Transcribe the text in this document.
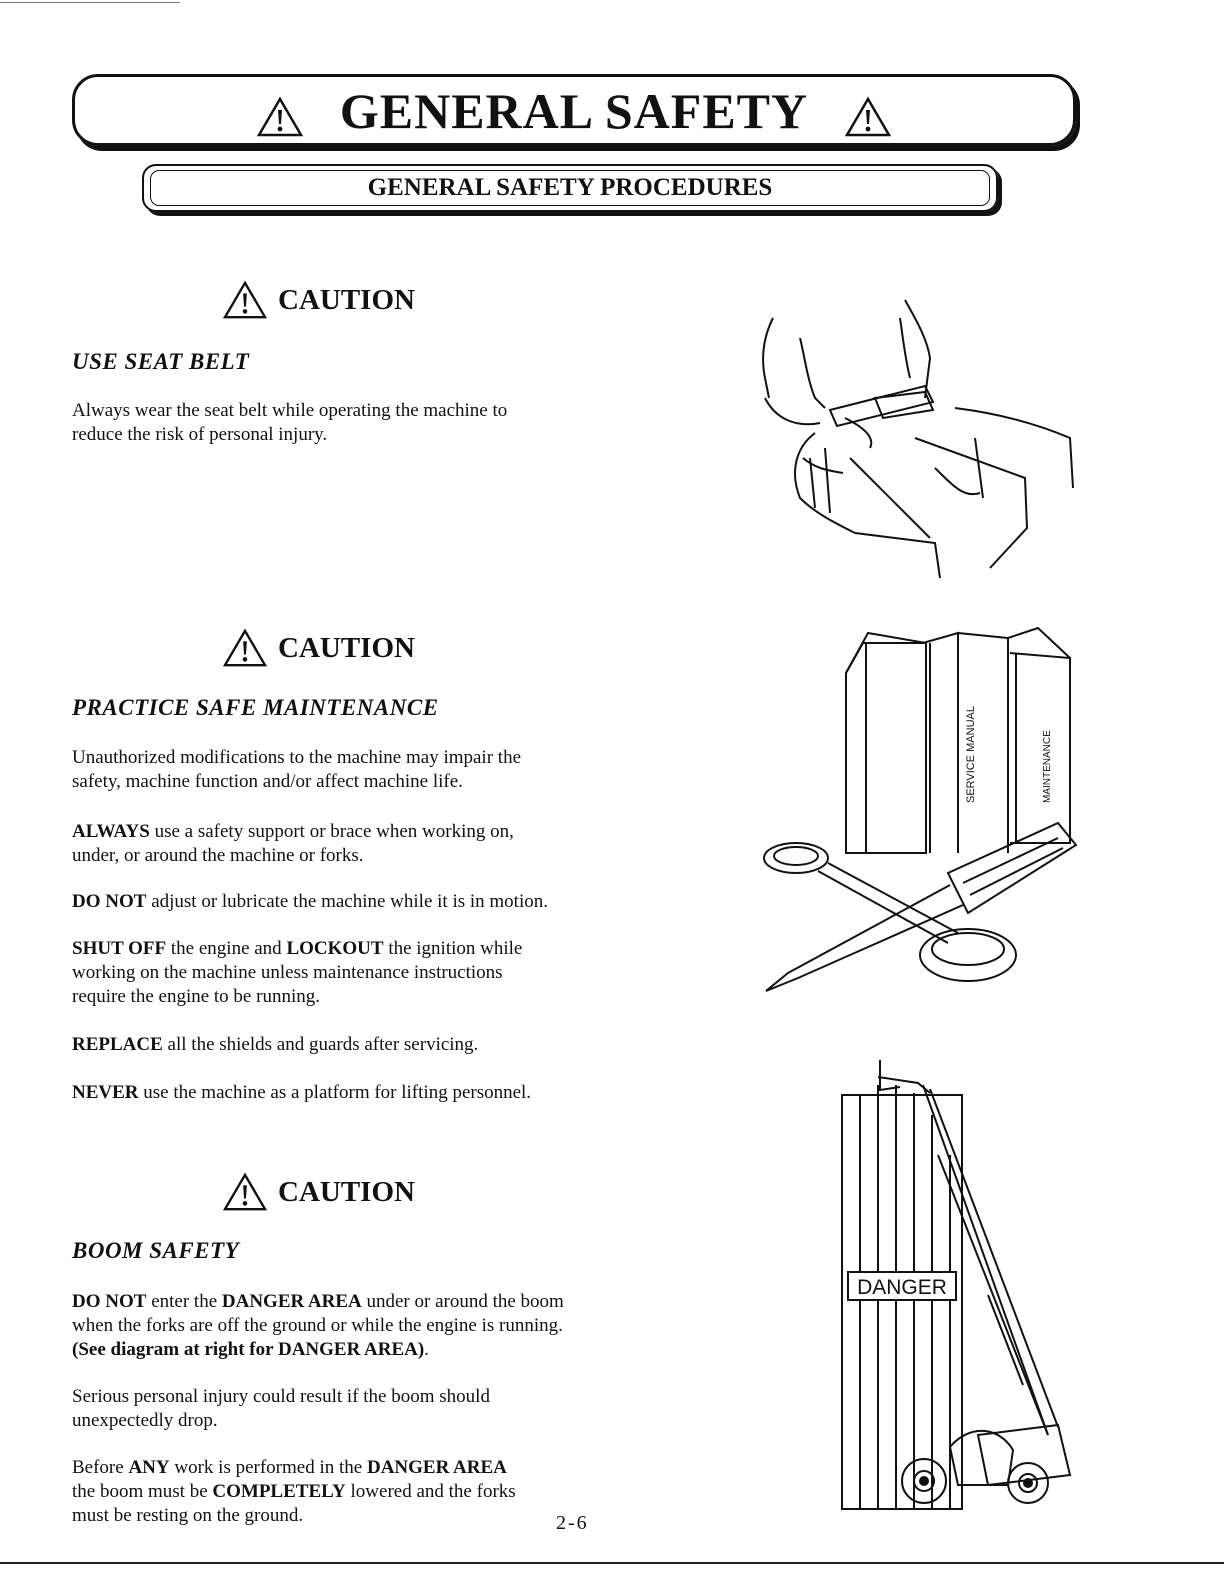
GENERAL SAFETY
GENERAL SAFETY PROCEDURES
CAUTION
USE SEAT BELT
Always wear the seat belt while operating the machine to reduce the risk of personal injury.
CAUTION
PRACTICE SAFE MAINTENANCE
Unauthorized modifications to the machine may impair the safety, machine function and/or affect machine life.
ALWAYS use a safety support or brace when working on, under, or around the machine or forks.
DO NOT adjust or lubricate the machine while it is in motion.
SHUT OFF the engine and LOCKOUT the ignition while working on the machine unless maintenance instructions require the engine to be running.
REPLACE all the shields and guards after servicing.
NEVER use the machine as a platform for lifting personnel.
CAUTION
BOOM SAFETY
DO NOT enter the DANGER AREA under or around the boom when the forks are off the ground or while the engine is running.
(See diagram at right for DANGER AREA).
Serious personal injury could result if the boom should unexpectedly drop.
Before ANY work is performed in the DANGER AREA the boom must be COMPLETELY lowered and the forks must be resting on the ground.
SERVICE MANUAL	MAINTENANCE
DANGER
2-6
